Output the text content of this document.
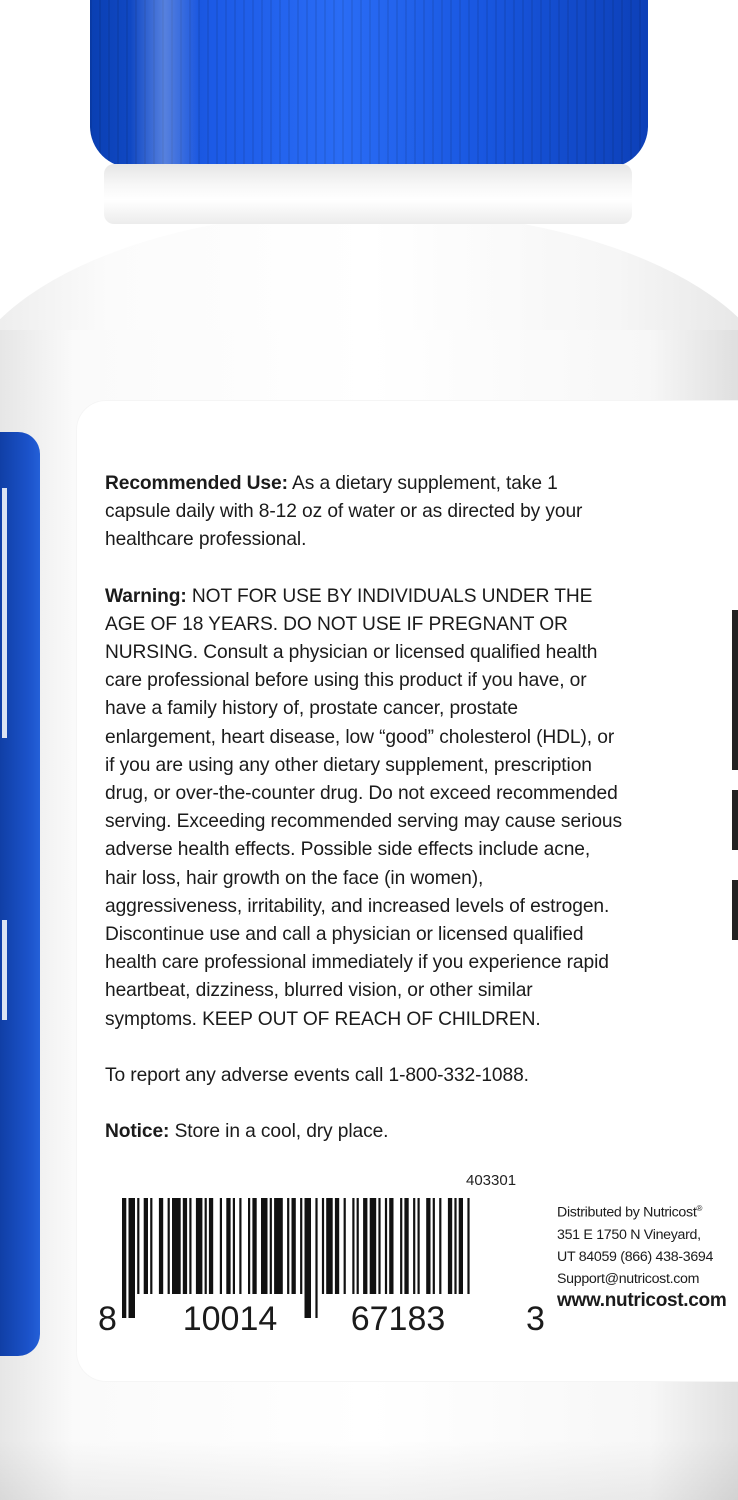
Recommended Use: As a dietary supplement, take 1 capsule daily with 8-12 oz of water or as directed by your healthcare professional.

Warning: NOT FOR USE BY INDIVIDUALS UNDER THE AGE OF 18 YEARS. DO NOT USE IF PREGNANT OR NURSING. Consult a physician or licensed qualified health care professional before using this product if you have, or have a family history of, prostate cancer, prostate enlargement, heart disease, low “good” cholesterol (HDL), or if you are using any other dietary supplement, prescription drug, or over-the-counter drug. Do not exceed recommended serving. Exceeding recommended serving may cause serious adverse health effects. Possible side effects include acne, hair loss, hair growth on the face (in women), aggressiveness, irritability, and increased levels of estrogen. Discontinue use and call a physician or licensed qualified health care professional immediately if you experience rapid heartbeat, dizziness, blurred vision, or other similar symptoms. KEEP OUT OF REACH OF CHILDREN.

To report any adverse events call 1-800-332-1088.

Notice: Store in a cool, dry place.

403301
8 10014 67183 3
Distributed by Nutricost®
351 E 1750 N Vineyard,
UT 84059 (866) 438-3694
Support@nutricost.com
www.nutricost.com
